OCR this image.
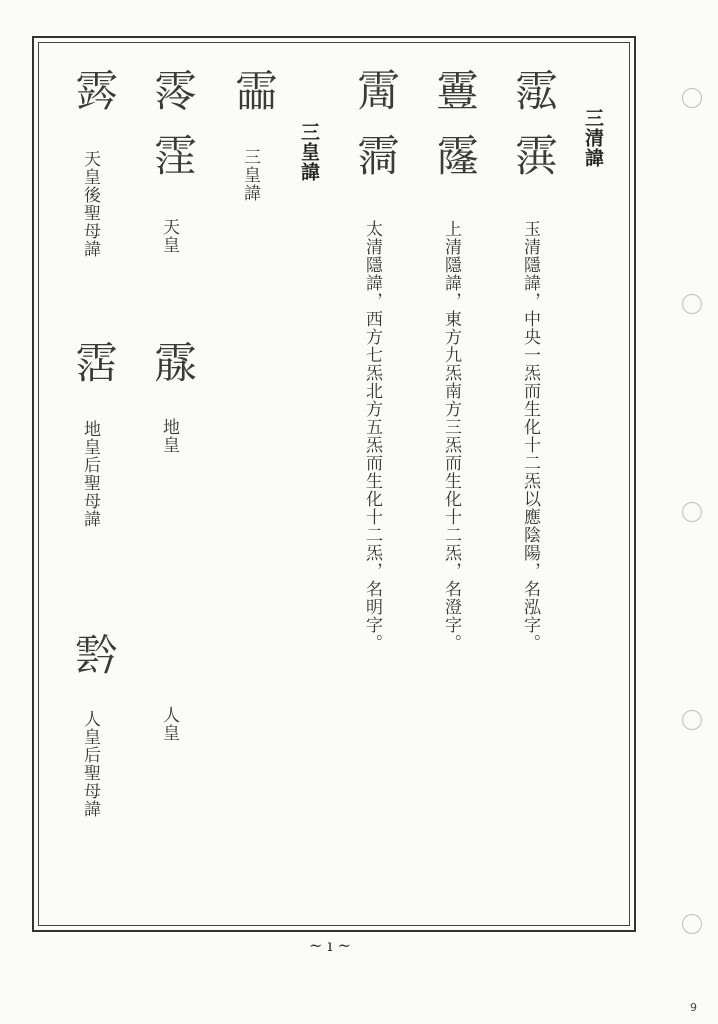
三清諱
霐霟
玉清隱諱，中央一炁而生化十二炁以應陰陽，名泓字。
霻霳
上清隱諱，東方九炁南方三炁而生化十二炁，名澄字。
霌霘
太清隱諱，西方七炁北方五炁而生化十二炁，名明字。
三皇諱
霝
三皇諱
霗霔
天皇
霡
地皇
人皇
霠
天皇後聖母諱
霑
地皇后聖母諱
霒
人皇后聖母諱
~ ı ~
9
